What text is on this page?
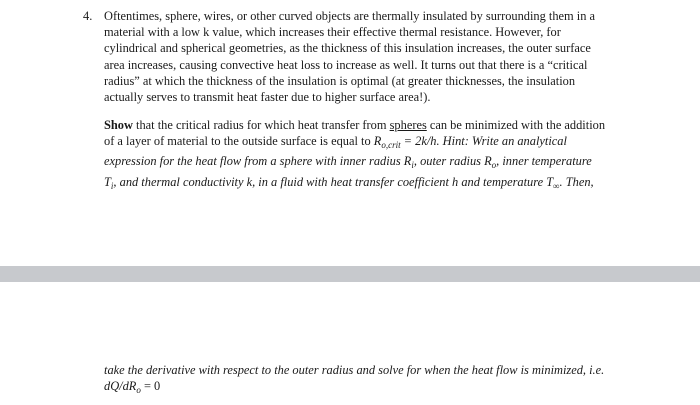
4. Oftentimes, sphere, wires, or other curved objects are thermally insulated by surrounding them in a
material with a low k value, which increases their effective thermal resistance. However, for
cylindrical and spherical geometries, as the thickness of this insulation increases, the outer surface
area increases, causing convective heat loss to increase as well. It turns out that there is a “critical
radius” at which the thickness of the insulation is optimal (at greater thicknesses, the insulation
actually serves to transmit heat faster due to higher surface area!).
Show that the critical radius for which heat transfer from spheres can be minimized with the addition
of a layer of material to the outside surface is equal to $R_{o,crit} = 2k/h$. Hint: Write an analytical
expression for the heat flow from a sphere with inner radius $R_i$, outer radius $R_o$, inner temperature
$T_i$, and thermal conductivity k, in a fluid with heat transfer coefficient h and temperature $T_\infty$. Then,
take the derivative with respect to the outer radius and solve for when the heat flow is minimized, i.e.
$dQ/dR_o = 0$
